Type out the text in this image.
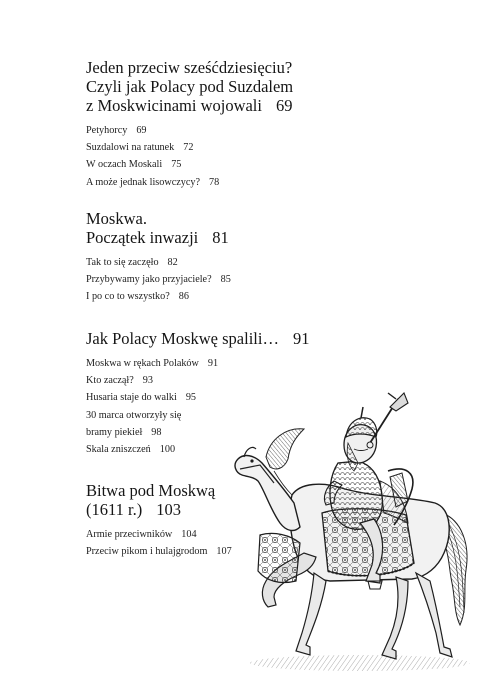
Jeden przeciw sześćdziesięciu?
Czyli jak Polacy pod Suzdalem
z Moskwicinami wojowali 69
Petyhorcy 69
Suzdalowi na ratunek 72
W oczach Moskali 75
A może jednak lisowczycy? 78
Moskwa.
Początek inwazji 81
Tak to się zaczęło 82
Przybywamy jako przyjaciele? 85
I po co to wszystko? 86
Jak Polacy Moskwę spalili… 91
Moskwa w rękach Polaków 91
Kto zaczął? 93
Husaria staje do walki 95
30 marca otworzyły się
bramy piekieł 98
Skala zniszczeń 100
Bitwa pod Moskwą
(1611 r.) 103
Armie przeciwników 104
Przeciw pikom i hulajgrodom 107
